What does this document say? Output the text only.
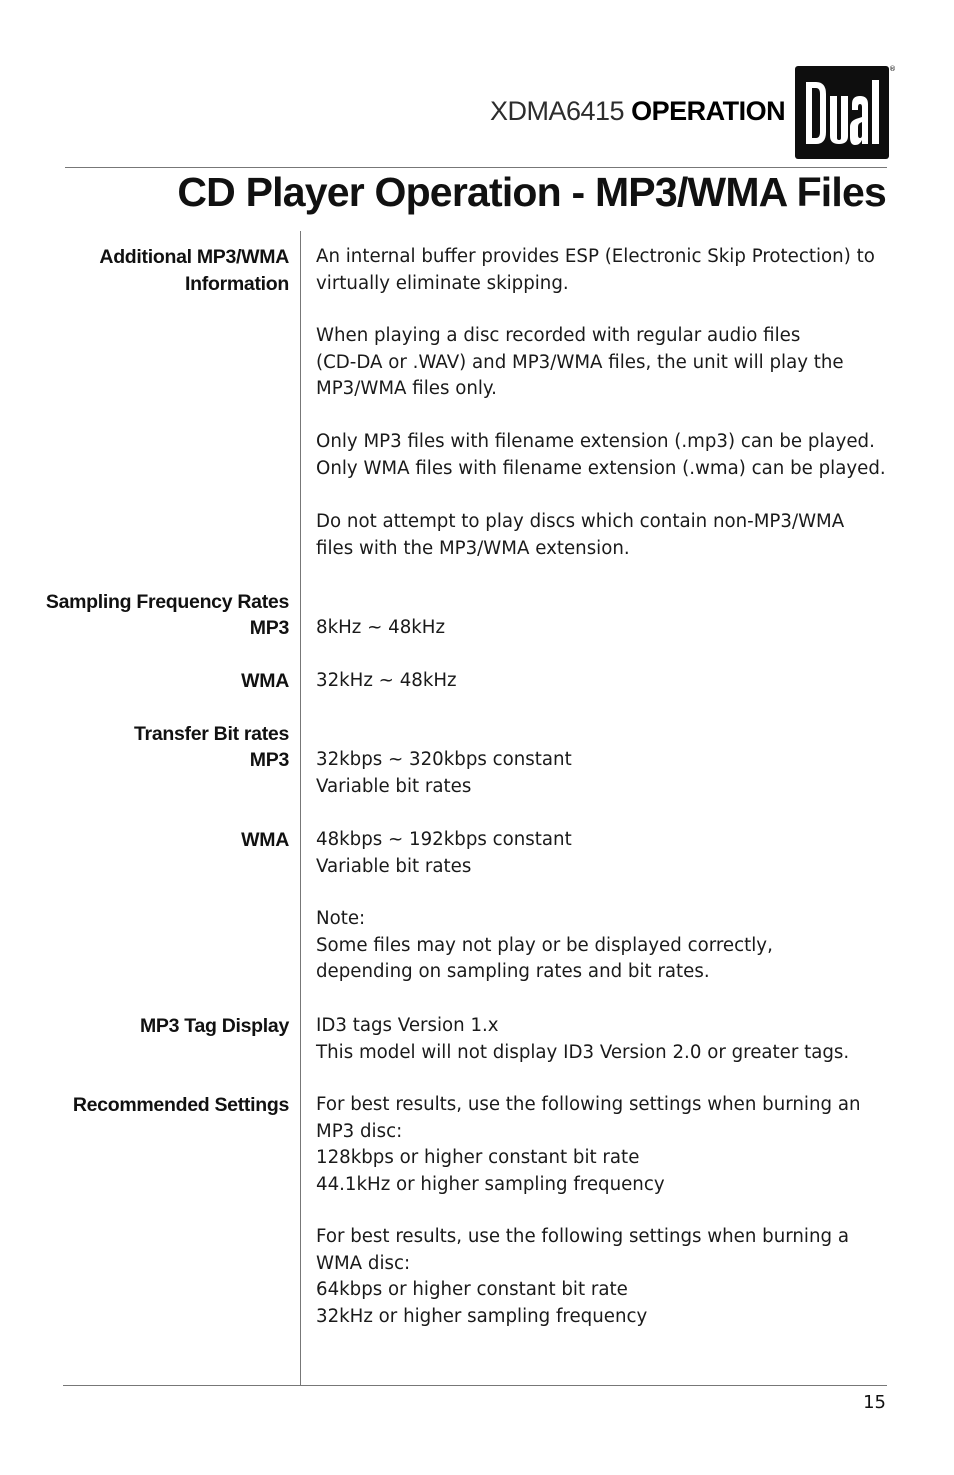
XDMA6415 OPERATION
®
CD Player Operation - MP3/WMA Files
Additional MP3/WMA
Information
Sampling Frequency Rates
MP3
WMA
Transfer Bit rates
MP3
WMA
MP3 Tag Display
Recommended Settings
An internal buffer provides ESP (Electronic Skip Protection) to
virtually eliminate skipping.
When playing a disc recorded with regular audio files
(CD-DA or .WAV) and MP3/WMA files, the unit will play the
MP3/WMA files only.
Only MP3 files with filename extension (.mp3) can be played.
Only WMA files with filename extension (.wma) can be played.
Do not attempt to play discs which contain non-MP3/WMA
files with the MP3/WMA extension.
8kHz ~ 48kHz
32kHz ~ 48kHz
32kbps ~ 320kbps constant
Variable bit rates
48kbps ~ 192kbps constant
Variable bit rates
Note:
Some files may not play or be displayed correctly,
depending on sampling rates and bit rates.
ID3 tags Version 1.x
This model will not display ID3 Version 2.0 or greater tags.
For best results, use the following settings when burning an
MP3 disc:
128kbps or higher constant bit rate
44.1kHz or higher sampling frequency
For best results, use the following settings when burning a
WMA disc:
64kbps or higher constant bit rate
32kHz or higher sampling frequency
15
